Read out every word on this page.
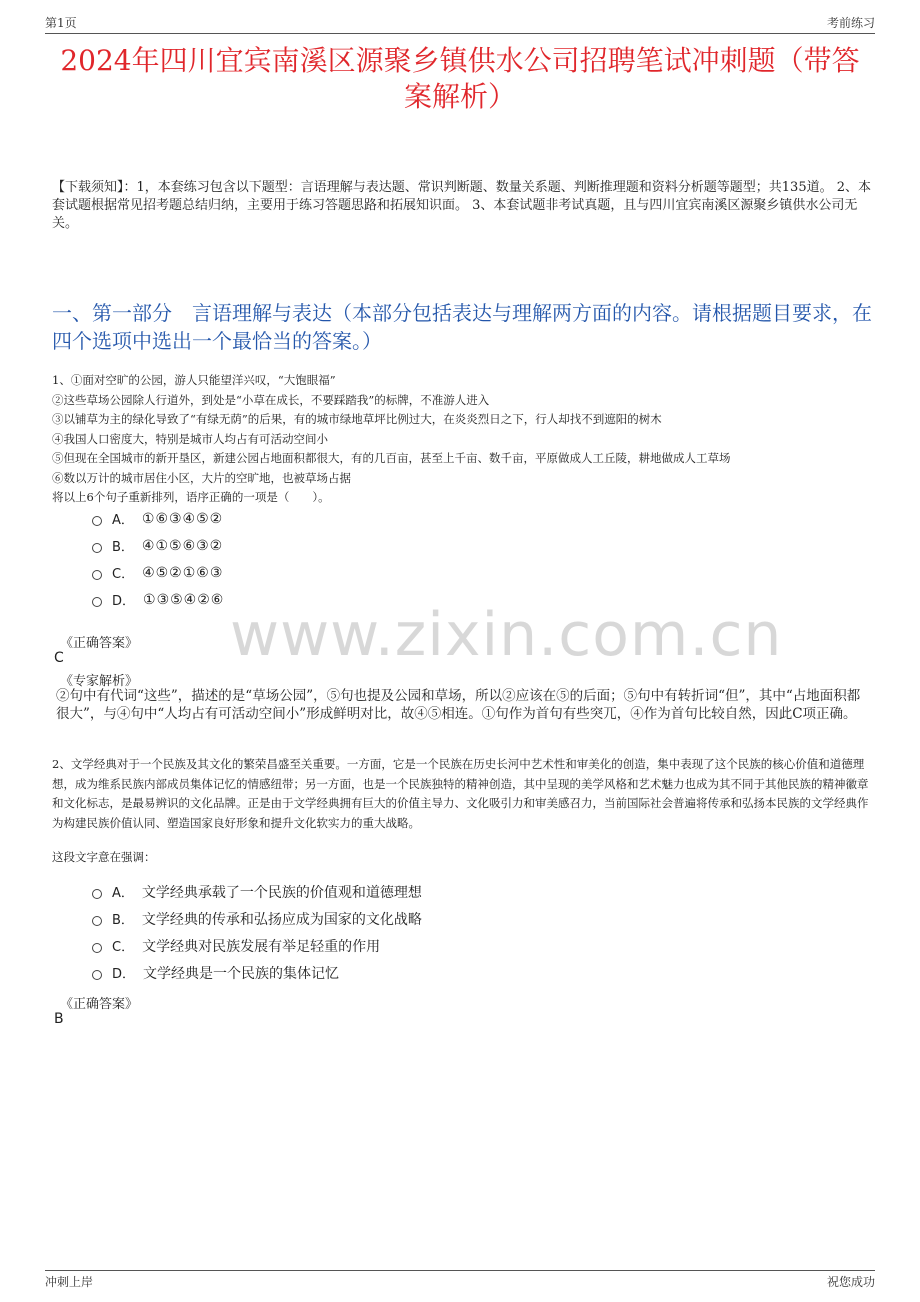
第1页	考前练习
2024年四川宜宾南溪区源聚乡镇供水公司招聘笔试冲刺题（带答案解析）
【下载须知】：1，本套练习包含以下题型：言语理解与表达题、常识判断题、数量关系题、判断推理题和资料分析题等题型；共135道。 2、本套试题根据常见招考题总结归纳，主要用于练习答题思路和拓展知识面。 3、本套试题非考试真题，且与四川宜宾南溪区源聚乡镇供水公司无关。
一、第一部分　言语理解与表达（本部分包括表达与理解两方面的内容。请根据题目要求，在四个选项中选出一个最恰当的答案。）
www.zixin.com.cn
1、①面对空旷的公园，游人只能望洋兴叹，“大饱眼福”
②这些草场公园除人行道外，到处是“小草在成长，不要踩踏我”的标牌，不准游人进入
③以铺草为主的绿化导致了“有绿无荫”的后果，有的城市绿地草坪比例过大，在炎炎烈日之下，行人却找不到遮阳的树木
④我国人口密度大，特别是城市人均占有可活动空间小
⑤但现在全国城市的新开垦区，新建公园占地面积都很大，有的几百亩，甚至上千亩、数千亩，平原做成人工丘陵，耕地做成人工草场
⑥数以万计的城市居住小区，大片的空旷地，也被草场占据
将以上6个句子重新排列，语序正确的一项是（　　）。
A． ①⑥③④⑤②
B． ④①⑤⑥③②
C． ④⑤②①⑥③
D． ①③⑤④②⑥
《正确答案》
C
《专家解析》
②句中有代词“这些”，描述的是“草场公园”，⑤句也提及公园和草场，所以②应该在⑤的后面；⑤句中有转折词“但”，其中“占地面积都很大”，与④句中“人均占有可活动空间小”形成鲜明对比，故④⑤相连。①句作为首句有些突兀，④作为首句比较自然，因此C项正确。
2、文学经典对于一个民族及其文化的繁荣昌盛至关重要。一方面，它是一个民族在历史长河中艺术性和审美化的创造，集中表现了这个民族的核心价值和道德理想，成为维系民族内部成员集体记忆的情感纽带；另一方面，也是一个民族独特的精神创造，其中呈现的美学风格和艺术魅力也成为其不同于其他民族的精神徽章和文化标志，是最易辨识的文化品牌。正是由于文学经典拥有巨大的价值主导力、文化吸引力和审美感召力，当前国际社会普遍将传承和弘扬本民族的文学经典作为构建民族价值认同、塑造国家良好形象和提升文化软实力的重大战略。
这段文字意在强调：
A． 文学经典承载了一个民族的价值观和道德理想
B． 文学经典的传承和弘扬应成为国家的文化战略
C． 文学经典对民族发展有举足轻重的作用
D． 文学经典是一个民族的集体记忆
《正确答案》
B
冲刺上岸	祝您成功
